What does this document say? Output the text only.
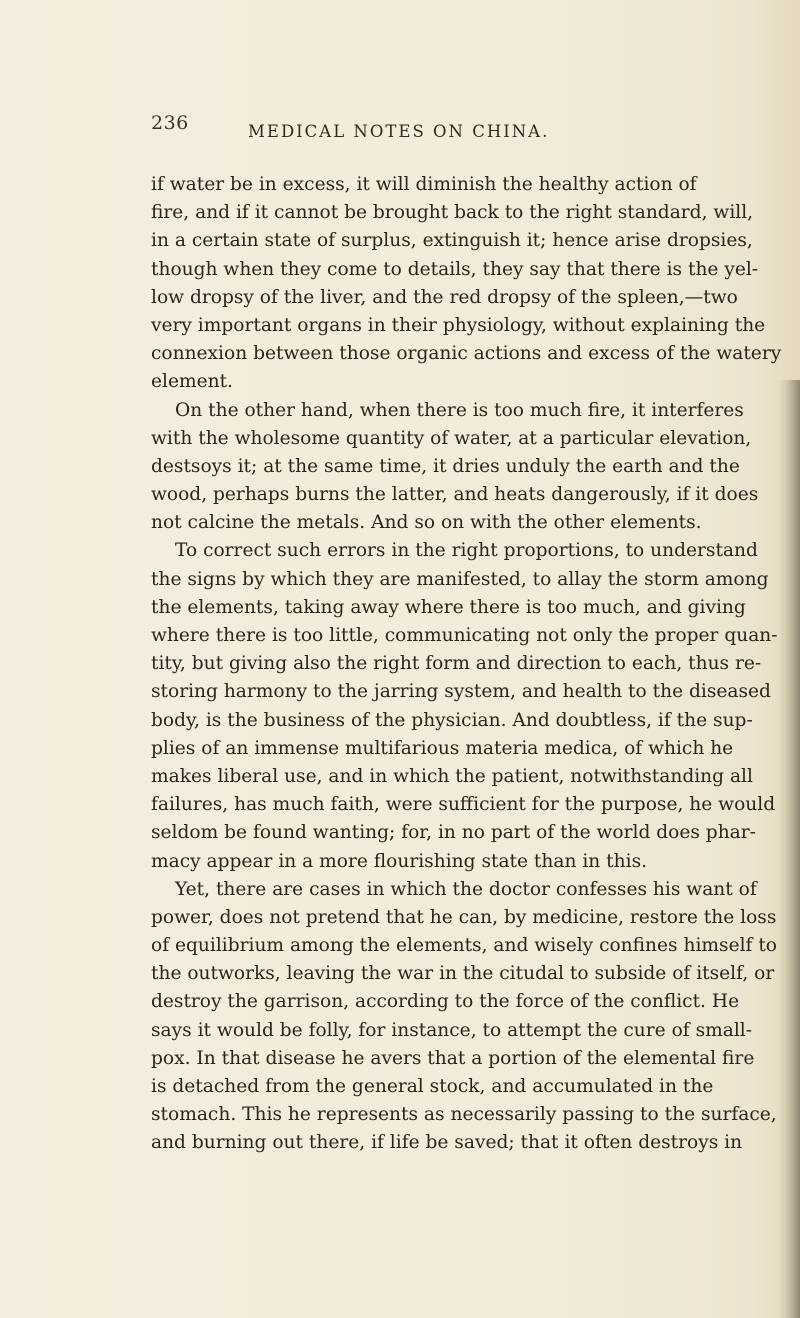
236	MEDICAL NOTES ON CHINA.
if water be in excess, it will diminish the healthy action of
fire, and if it cannot be brought back to the right standard, will,
in a certain state of surplus, extinguish it; hence arise dropsies,
though when they come to details, they say that there is the yel-
low dropsy of the liver, and the red dropsy of the spleen,—two
very important organs in their physiology, without explaining the
connexion between those organic actions and excess of the watery
element.
On the other hand, when there is too much fire, it interferes
with the wholesome quantity of water, at a particular elevation,
destsoys it; at the same time, it dries unduly the earth and the
wood, perhaps burns the latter, and heats dangerously, if it does
not calcine the metals. And so on with the other elements.
To correct such errors in the right proportions, to understand
the signs by which they are manifested, to allay the storm among
the elements, taking away where there is too much, and giving
where there is too little, communicating not only the proper quan-
tity, but giving also the right form and direction to each, thus re-
storing harmony to the jarring system, and health to the diseased
body, is the business of the physician. And doubtless, if the sup-
plies of an immense multifarious materia medica, of which he
makes liberal use, and in which the patient, notwithstanding all
failures, has much faith, were sufficient for the purpose, he would
seldom be found wanting; for, in no part of the world does phar-
macy appear in a more flourishing state than in this.
Yet, there are cases in which the doctor confesses his want of
power, does not pretend that he can, by medicine, restore the loss
of equilibrium among the elements, and wisely confines himself to
the outworks, leaving the war in the citudal to subside of itself, or
destroy the garrison, according to the force of the conflict. He
says it would be folly, for instance, to attempt the cure of small-
pox. In that disease he avers that a portion of the elemental fire
is detached from the general stock, and accumulated in the
stomach. This he represents as necessarily passing to the surface,
and burning out there, if life be saved; that it often destroys in
